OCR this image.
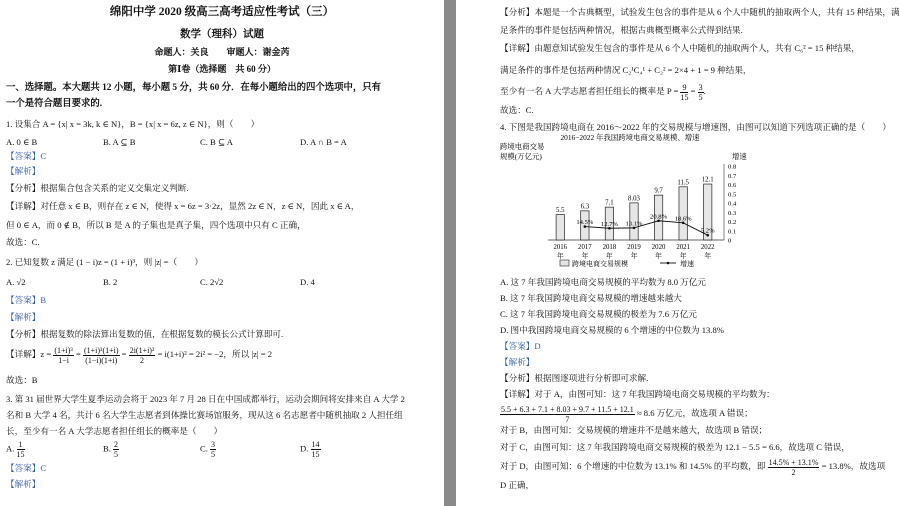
绵阳中学 2020 级高三高考适应性考试（三）
数学（理科）试题
命题人：关良　　审题人：谢金芮
第Ⅰ卷（选择题　共 60 分）
一、选择题。本大题共 12 小题，每小题 5 分，共 60 分．在每小题给出的四个选项中，只有
一个是符合题目要求的.
1. 设集合 A = {x| x = 3k, k ∈ N}，B = {x| x = 6z, z ∈ N}，则（　　）
A. 0 ∈ B	B. A ⊆ B	C. B ⊆ A	D. A ∩ B = A
【答案】C
【解析】
【分析】根据集合包含关系的定义交集定义判断.
【详解】对任意 x ∈ B，则存在 z ∈ N，使得 x = 6z = 3·2z，显然 2z ∈ N，z ∈ N，因此 x ∈ A，
但 0 ∈ A，而 0 ∉ B，所以 B 是 A 的子集也是真子集，四个选项中只有 C 正确，
故选：C.
2. 已知复数 z 满足 (1 − i)z = (1 + i)³，则 |z| =（　　）
A. √2	B. 2	C. 2√2	D. 4
【答案】B
【解析】
【分析】根据复数的除法算出复数的值，在根据复数的模长公式计算即可.
【详解】$z = \frac{\text{(1+i)³}}{1-i} = \frac{\text{(1+i)³(1+i)}}{(1-i)(1+i)} = \frac{\text{2i(1+i)²}}{2} = i(1+i)^2 = 2i^2 = -2$，所以 |z| = 2
故选：B
3. 第 31 届世界大学生夏季运动会将于 2023 年 7 月 28 日在中国成都举行，运动会期间将安排来自 A 大学 2
名和 B 大学 4 名，共计 6 名大学生志愿者到体操比赛场馆服务，现从这 6 名志愿者中随机抽取 2 人担任组
长，至少有一名 A 大学志愿者担任组长的概率是（　　）
A. $\frac{1}{15}$	B. $\frac{2}{5}$	C. $\frac{3}{5}$	D. $\frac{14}{15}$
【答案】C
【解析】
【分析】本题是一个古典概型，试验发生包含的事件是从 6 个人中随机的抽取两个人，共有 15 种结果，满
足条件的事件是包括两种情况，根据古典概型概率公式得到结果.
【详解】由题意知试验发生包含的事件是从 6 个人中随机的抽取两个人，共有 C₆² = 15 种结果，
满足条件的事件是包括两种情况 C₂¹C₄¹ + C₂² = 2×4 + 1 = 9 种结果，
至少有一名 A 大学志愿者担任组长的概率是 $P = \frac{9}{15} = \frac{3}{5}$ .
故选：C.
4. 下图是我国跨境电商在 2016～2022 年的交易规模与增速图，由图可以知道下列选项正确的是（　　）
2016−2022 年我国跨境电商交易规模、增速
跨境电商交易
规模(万亿元)	增速
0
0.1
0.2
0.3
0.4
0.5
0.6
0.7
0.8
5.5
2016
年
6.3
2017
年
7.1
2018
年
8.03
2019
年
9.7
2020
年
11.5
2021
年
12.1
2022
年
14.5% 12.7% 13.1%
20.8% 18.6%
5.2%
跨境电商交易规模	增速
A. 这 7 年我国跨境电商交易规模的平均数为 8.0 万亿元
B. 这 7 年我国跨境电商交易规模的增速越来越大
C. 这 7 年我国跨境电商交易规模的极差为 7.6 万亿元
D. 图中我国跨境电商交易规模的 6 个增速的中位数为 13.8%
【答案】D
【解析】
【分析】根据图逐项进行分析即可求解.
【详解】对于 A，由图可知：这 7 年我国跨境电商交易规模的平均数为：
$\frac{5.5 + 6.3 + 7.1 + 8.03 + 9.7 + 11.5 + 12.1}{7} \approx 8.6$ 万亿元，故选项 A 错误；
对于 B，由图可知：交易规模的增速并不是越来越大，故选项 B 错误；
对于 C，由图可知：这 7 年我国跨境电商交易规模的极差为 12.1 − 5.5 = 6.6，故选项 C 错误，
对于 D，由图可知：6 个增速的中位数为 13.1% 和 14.5% 的平均数，即 $\frac{14.5\% + 13.1\%}{2} = 13.8\%$，故选项
D 正确，
